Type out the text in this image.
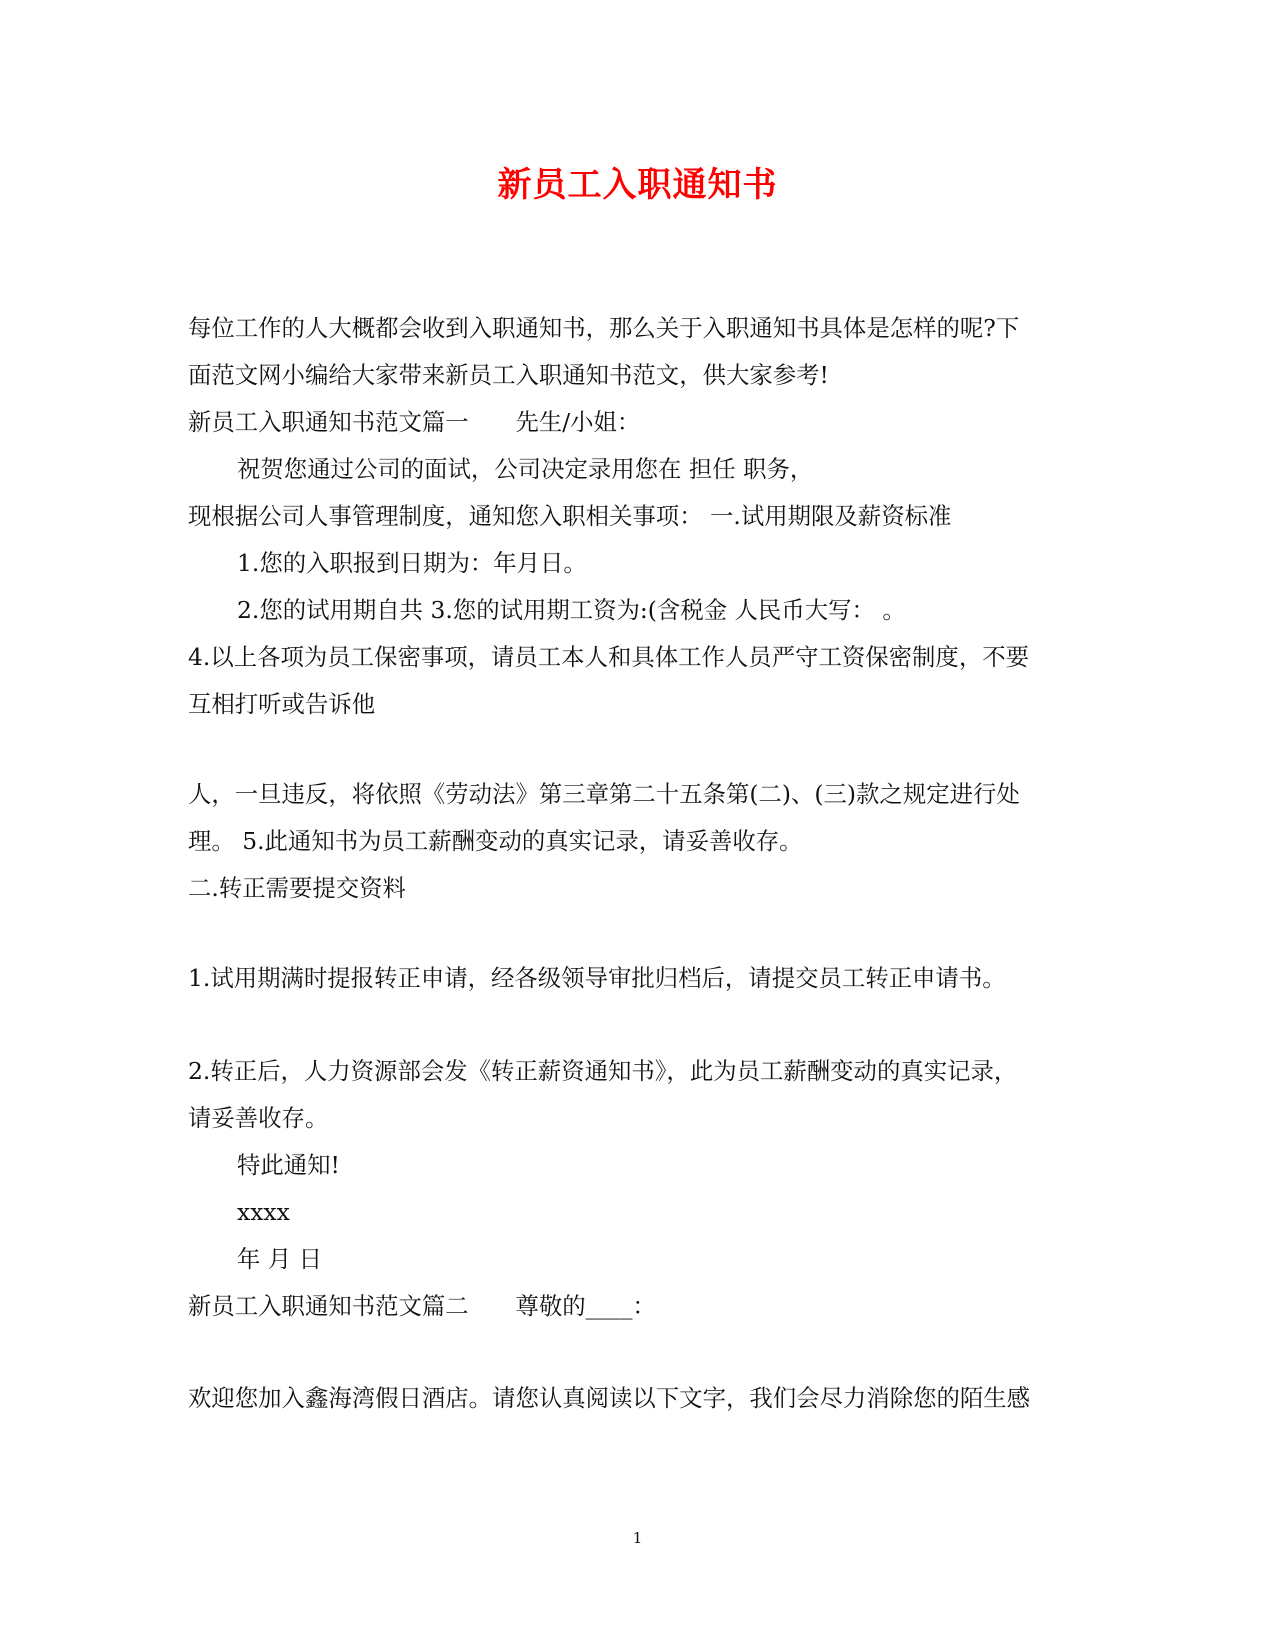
新员工入职通知书
每位工作的人大概都会收到入职通知书，那么关于入职通知书具体是怎样的呢?下
面范文网小编给大家带来新员工入职通知书范文，供大家参考!
新员工入职通知书范文篇一　　先生/小姐：
祝贺您通过公司的面试，公司决定录用您在 担任 职务，
现根据公司人事管理制度，通知您入职相关事项： 一.试用期限及薪资标准
1.您的入职报到日期为：年月日。
2.您的试用期自共 3.您的试用期工资为:(含税金 人民币大写： 。
4.以上各项为员工保密事项，请员工本人和具体工作人员严守工资保密制度，不要
互相打听或告诉他
人，一旦违反，将依照《劳动法》第三章第二十五条第(二)、(三)款之规定进行处
理。 5.此通知书为员工薪酬变动的真实记录，请妥善收存。
二.转正需要提交资料
1.试用期满时提报转正申请，经各级领导审批归档后，请提交员工转正申请书。
2.转正后，人力资源部会发《转正薪资通知书》，此为员工薪酬变动的真实记录，
请妥善收存。
特此通知!
xxxx
年 月 日
新员工入职通知书范文篇二　　尊敬的____：
欢迎您加入鑫海湾假日酒店。请您认真阅读以下文字，我们会尽力消除您的陌生感
1
